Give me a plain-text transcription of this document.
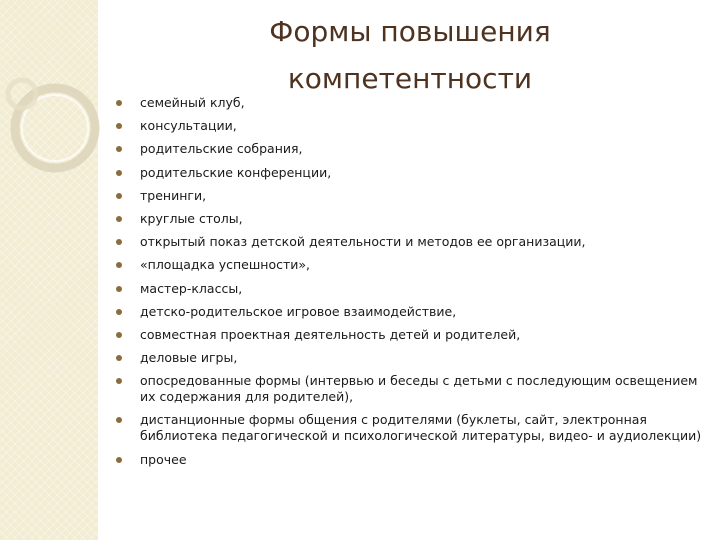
Формы повышения
компетентности
семейный клуб,
консультации,
родительские собрания,
родительские конференции,
тренинги,
круглые столы,
открытый показ детской деятельности и методов ее организации,
«площадка успешности»,
мастер-классы,
детско-родительское игровое взаимодействие,
совместная проектная деятельность детей и родителей,
деловые игры,
опосредованные формы (интервью и беседы с детьми с последующим освещением их содержания для родителей),
дистанционные формы общения с родителями (буклеты, сайт, электронная библиотека педагогической и психологической литературы, видео- и аудиолекции)
прочее
